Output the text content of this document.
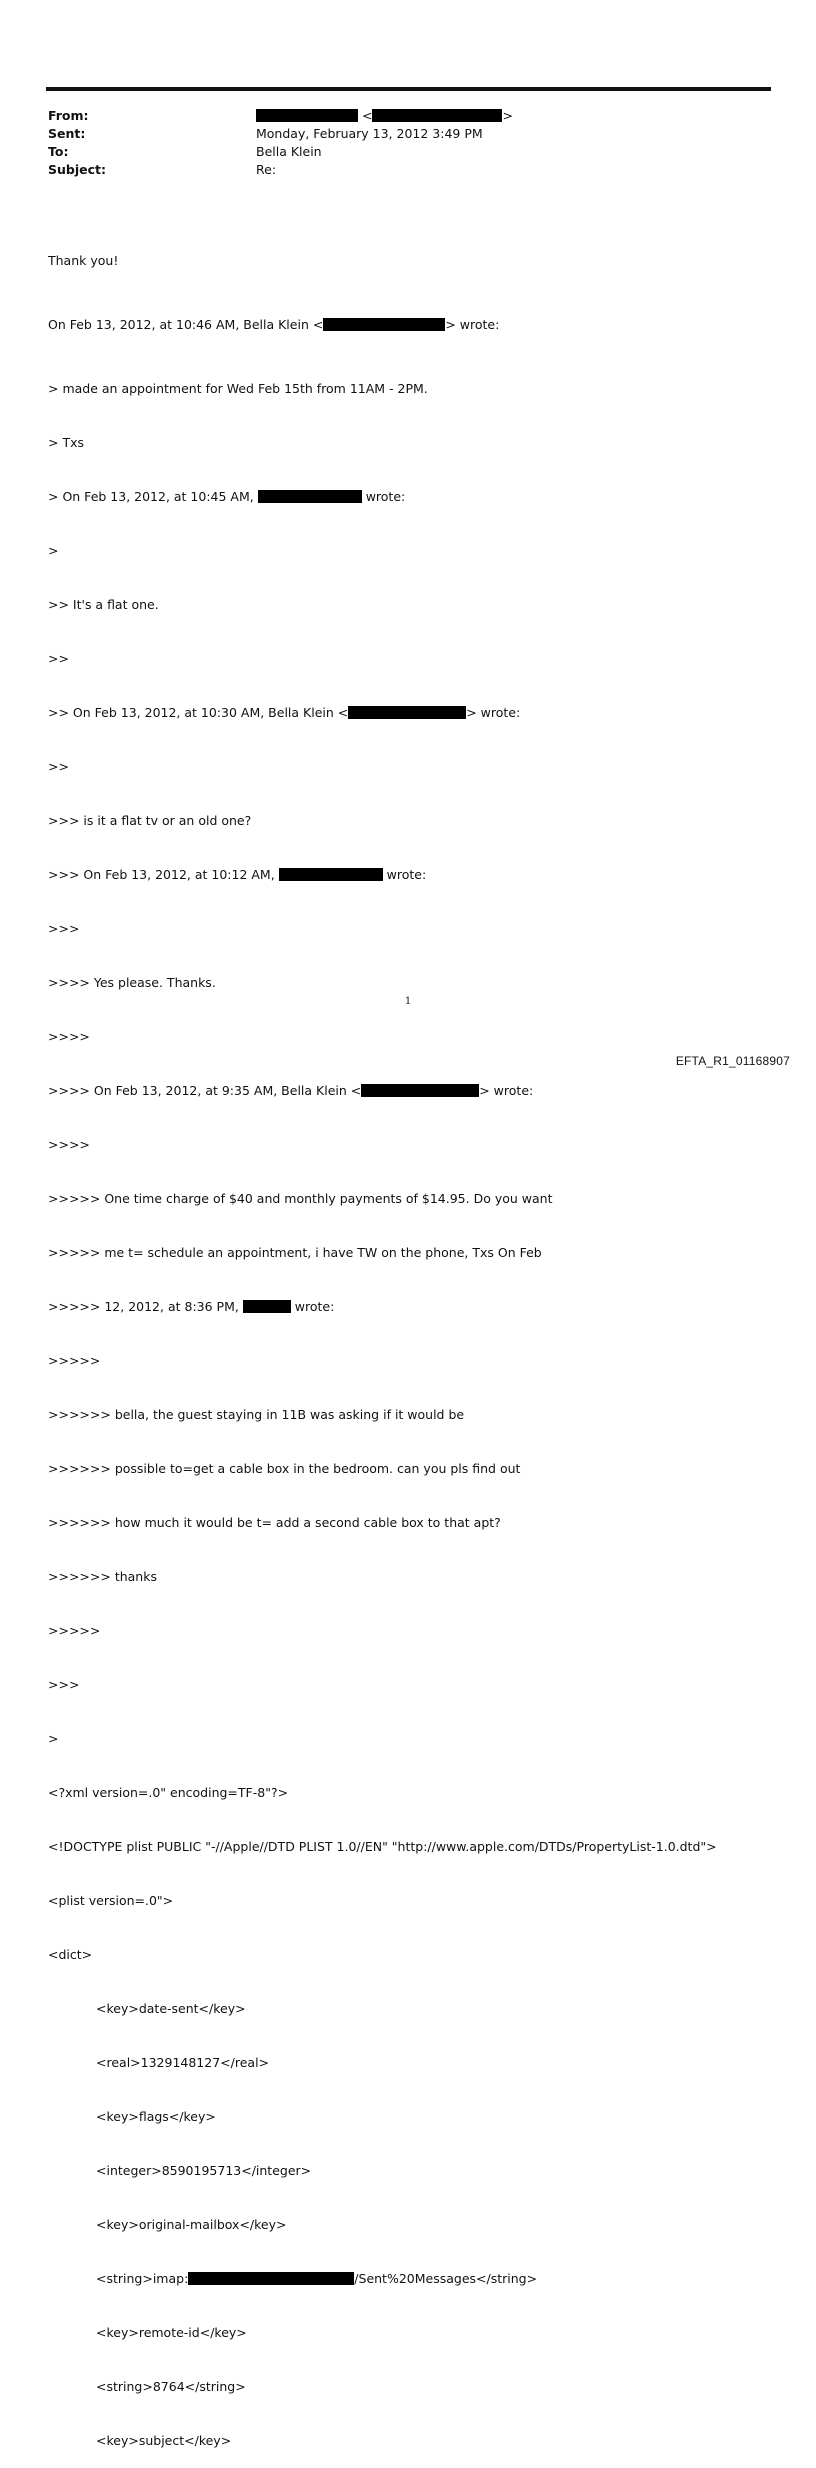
From:	<	>
Sent:	Monday, February 13, 2012 3:49 PM
To:	Bella Klein
Subject:	Re:

Thank you!

On Feb 13, 2012, at 10:46 AM, Bella Klein <	> wrote:

> made an appointment for Wed Feb 15th from 11AM - 2PM.

> Txs

> On Feb 13, 2012, at 10:45 AM,	wrote:

>

>> It's a flat one.

>>

>> On Feb 13, 2012, at 10:30 AM, Bella Klein <	> wrote:

>>

>>> is it a flat tv or an old one?

>>> On Feb 13, 2012, at 10:12 AM,	wrote:

>>>

>>>> Yes please. Thanks.

>>>>

>>>> On Feb 13, 2012, at 9:35 AM, Bella Klein <	> wrote:

>>>>

>>>>> One time charge of $40 and monthly payments of $14.95. Do you want

>>>>> me t= schedule an appointment, i have TW on the phone, Txs On Feb

>>>>> 12, 2012, at 8:36 PM,	wrote:

>>>>>

>>>>>> bella, the guest staying in 11B was asking if it would be

>>>>>> possible to=get a cable box in the bedroom. can you pls find out

>>>>>> how much it would be t= add a second cable box to that apt?

>>>>>> thanks

>>>>>

>>>

>

<?xml version=.0" encoding=TF-8"?>

<!DOCTYPE plist PUBLIC "-//Apple//DTD PLIST 1.0//EN" "http://www.apple.com/DTDs/PropertyList-1.0.dtd">

<plist version=.0">

<dict>

<key>date-sent</key>

<real>1329148127</real>

<key>flags</key>

<integer>8590195713</integer>

<key>original-mailbox</key>

<string>imap:	/Sent%20Messages</string>

<key>remote-id</key>

<string>8764</string>

<key>subject</key>

1
EFTA_R1_01168907
